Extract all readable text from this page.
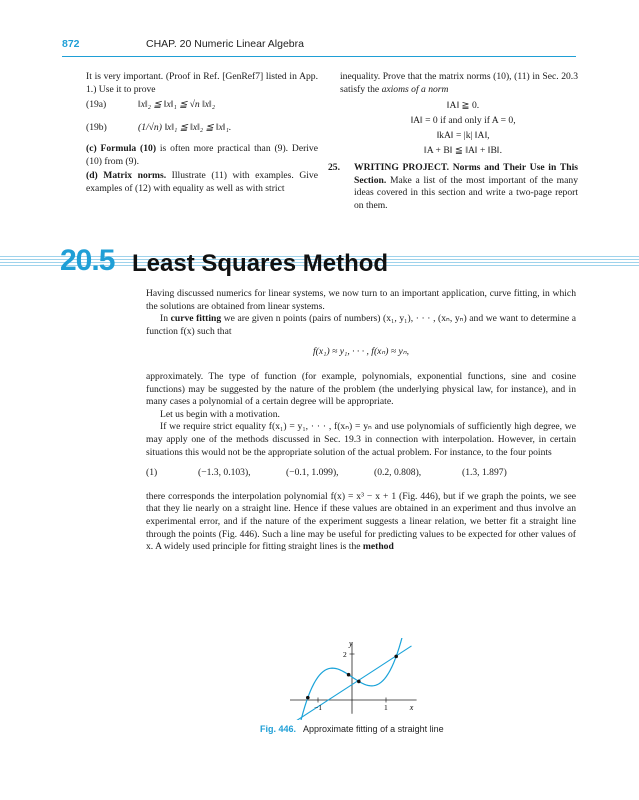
872	CHAP. 20 Numeric Linear Algebra

It is very important. (Proof in Ref. [GenRef7] listed in App. 1.) Use it to prove

(19a)	‖x‖₂ ≦ ‖x‖₁ ≦ √n ‖x‖₂
(19b)	(1/√n) ‖x‖₁ ≦ ‖x‖₂ ≦ ‖x‖₁.

(c) Formula (10) is often more practical than (9). Derive (10) from (9).

(d) Matrix norms. Illustrate (11) with examples. Give examples of (12) with equality as well as with strict

inequality. Prove that the matrix norms (10), (11) in Sec. 20.3 satisfy the axioms of a norm

‖A‖ ≧ 0.
‖A‖ = 0 if and only if A = 0,
‖kA‖ = |k| ‖A‖,
‖A + B‖ ≦ ‖A‖ + ‖B‖.
25.	WRITING PROJECT. Norms and Their Use in This Section. Make a list of the most important of the many ideas covered in this section and write a two-page report on them.

20.5 Least Squares Method

Having discussed numerics for linear systems, we now turn to an important application, curve fitting, in which the solutions are obtained from linear systems.

In curve fitting we are given n points (pairs of numbers) (x₁, y₁), · · · , (xₙ, yₙ) and we want to determine a function f(x) such that

f(x₁) ≈ y₁, · · · , f(xₙ) ≈ yₙ,

approximately. The type of function (for example, polynomials, exponential functions, sine and cosine functions) may be suggested by the nature of the problem (the underlying physical law, for instance), and in many cases a polynomial of a certain degree will be appropriate.

Let us begin with a motivation.

If we require strict equality f(x₁) = y₁, · · · , f(xₙ) = yₙ and use polynomials of sufficiently high degree, we may apply one of the methods discussed in Sec. 19.3 in connection with interpolation. However, in certain situations this would not be the appropriate solution of the actual problem. For instance, to the four points

(1)	(−1.3, 0.103),	(−0.1, 1.099),	(0.2, 0.808),	(1.3, 1.897)

there corresponds the interpolation polynomial f(x) = x³ − x + 1 (Fig. 446), but if we graph the points, we see that they lie nearly on a straight line. Hence if these values are obtained in an experiment and thus involve an experimental error, and if the nature of the experiment suggests a linear relation, we better fit a straight line through the points (Fig. 446). Such a line may be useful for predicting values to be expected for other values of x. A widely used principle for fitting straight lines is the method

y
x
2
−1	1
Fig. 446. Approximate fitting of a straight line
